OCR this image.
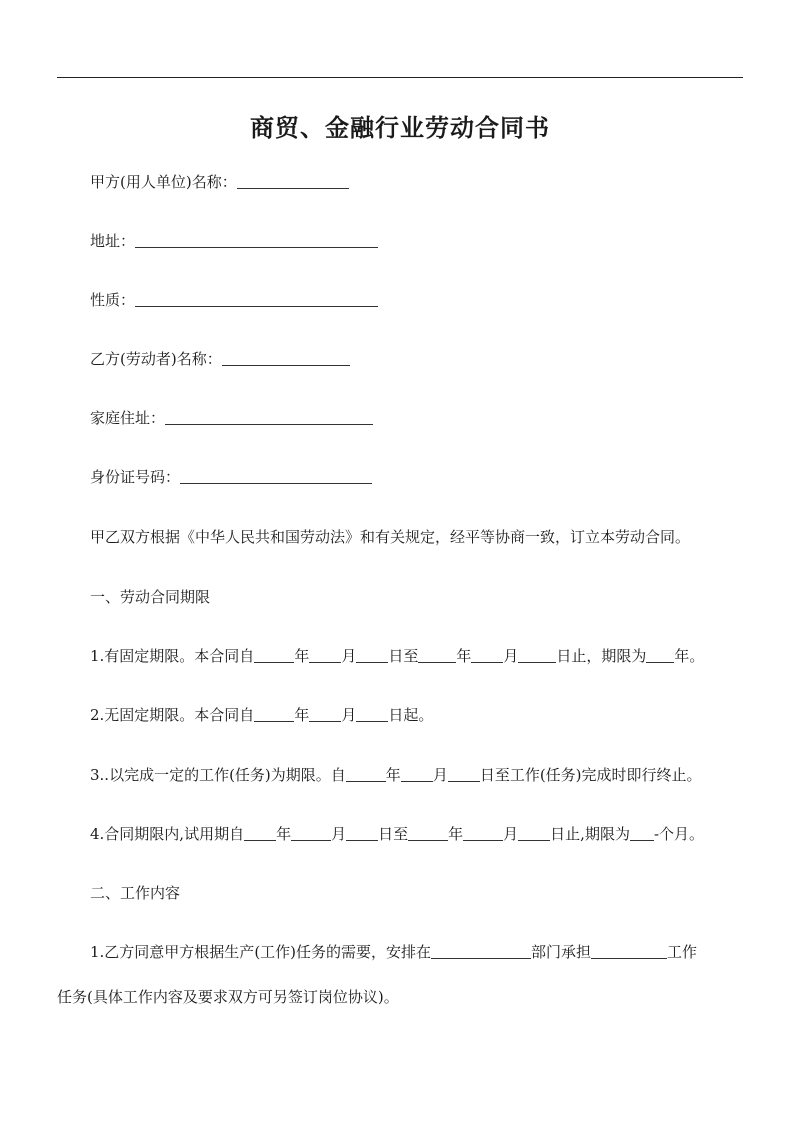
商贸、金融行业劳动合同书
甲方(用人单位)名称：
地址：
性质：
乙方(劳动者)名称：
家庭住址：
身份证号码：
甲乙双方根据《中华人民共和国劳动法》和有关规定，经平等协商一致，订立本劳动合同。
一、劳动合同期限
1.有固定期限。本合同自	年 月 日至	年 月	日止，期限为 年。
2.无固定期限。本合同自	年 月 日起。
3..以完成一定的工作(任务)为期限。自	年 月 日至工作(任务)完成时即行终止。
4.合同期限内,试用期自 年	月 日至	年	月 日止,期限为 -个月。
二、工作内容
1.乙方同意甲方根据生产(工作)任务的需要，安排在	部门承担	工作
任务(具体工作内容及要求双方可另签订岗位协议)。
